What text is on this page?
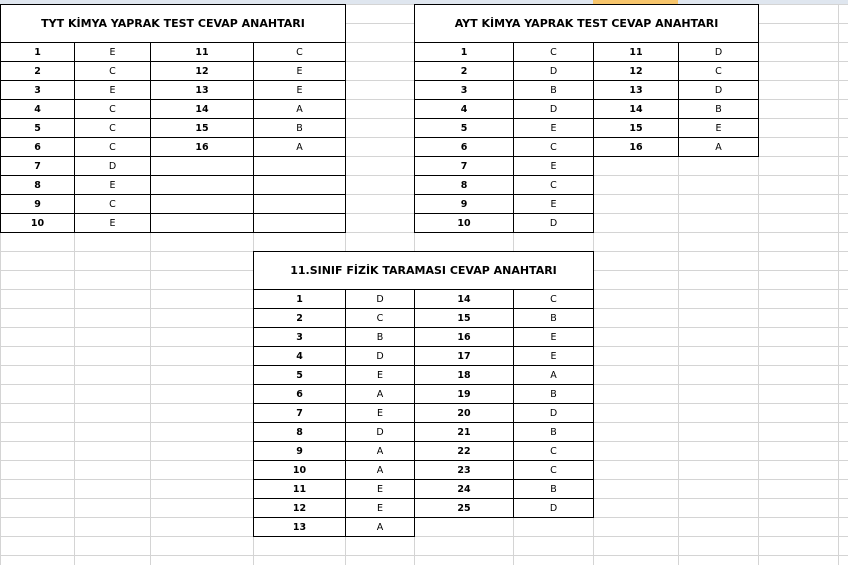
TYT KİMYA YAPRAK TEST CEVAP ANAHTARI
1	E	11	C
2	C	12	E
3	E	13	E
4	C	14	A
5	C	15	B
6	C	16	A
7	D
8	E
9	C
10	E
AYT KİMYA YAPRAK TEST CEVAP ANAHTARI
1	C	11	D
2	D	12	C
3	B	13	D
4	D	14	B
5	E	15	E
6	C	16	A
7	E
8	C
9	E
10	D
11.SINIF FİZİK TARAMASI CEVAP ANAHTARI
1	D	14	C
2	C	15	B
3	B	16	E
4	D	17	E
5	E	18	A
6	A	19	B
7	E	20	D
8	D	21	B
9	A	22	C
10	A	23	C
11	E	24	B
12	E	25	D
13	A
